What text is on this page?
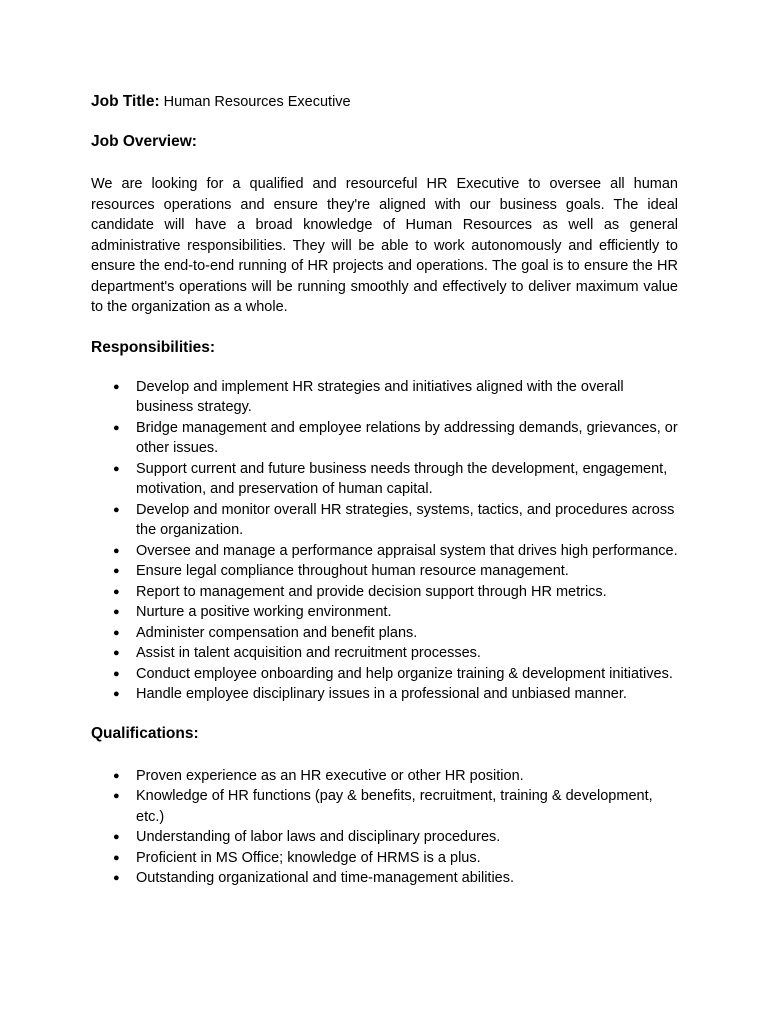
Job Title: Human Resources Executive

Job Overview:

We are looking for a qualified and resourceful HR Executive to oversee all human resources operations and ensure they're aligned with our business goals. The ideal candidate will have a broad knowledge of Human Resources as well as general administrative responsibilities. They will be able to work autonomously and efficiently to ensure the end-to-end running of HR projects and operations. The goal is to ensure the HR department's operations will be running smoothly and effectively to deliver maximum value to the organization as a whole.

Responsibilities:
● Develop and implement HR strategies and initiatives aligned with the overall business strategy.
● Bridge management and employee relations by addressing demands, grievances, or other issues.
● Support current and future business needs through the development, engagement, motivation, and preservation of human capital.
● Develop and monitor overall HR strategies, systems, tactics, and procedures across the organization.
● Oversee and manage a performance appraisal system that drives high performance.
● Ensure legal compliance throughout human resource management.
● Report to management and provide decision support through HR metrics.
● Nurture a positive working environment.
● Administer compensation and benefit plans.
● Assist in talent acquisition and recruitment processes.
● Conduct employee onboarding and help organize training & development initiatives.
● Handle employee disciplinary issues in a professional and unbiased manner.
Qualifications:
● Proven experience as an HR executive or other HR position.
● Knowledge of HR functions (pay & benefits, recruitment, training & development, etc.)
● Understanding of labor laws and disciplinary procedures.
● Proficient in MS Office; knowledge of HRMS is a plus.
● Outstanding organizational and time-management abilities.
